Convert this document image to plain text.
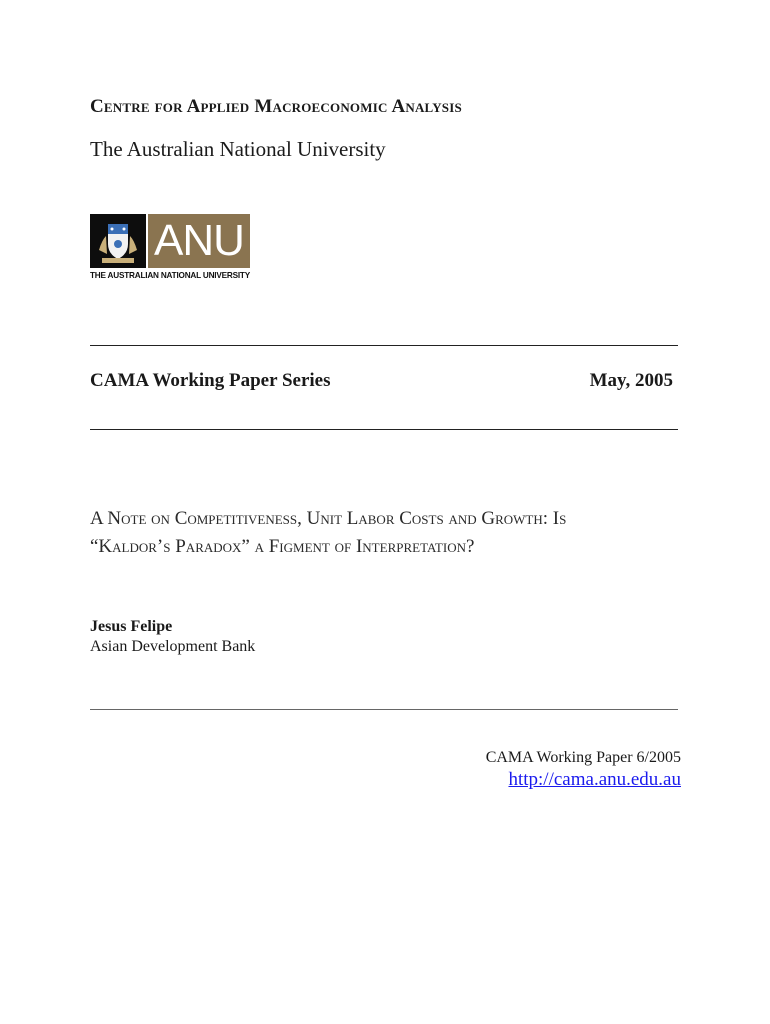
Centre for Applied Macroeconomic Analysis
The Australian National University
ANU
THE AUSTRALIAN NATIONAL UNIVERSITY
CAMA Working Paper Series	May, 2005
A Note on Competitiveness, Unit Labor Costs and Growth: Is “Kaldor’s Paradox” a Figment of Interpretation?
Jesus Felipe
Asian Development Bank
CAMA Working Paper 6/2005
http://cama.anu.edu.au
